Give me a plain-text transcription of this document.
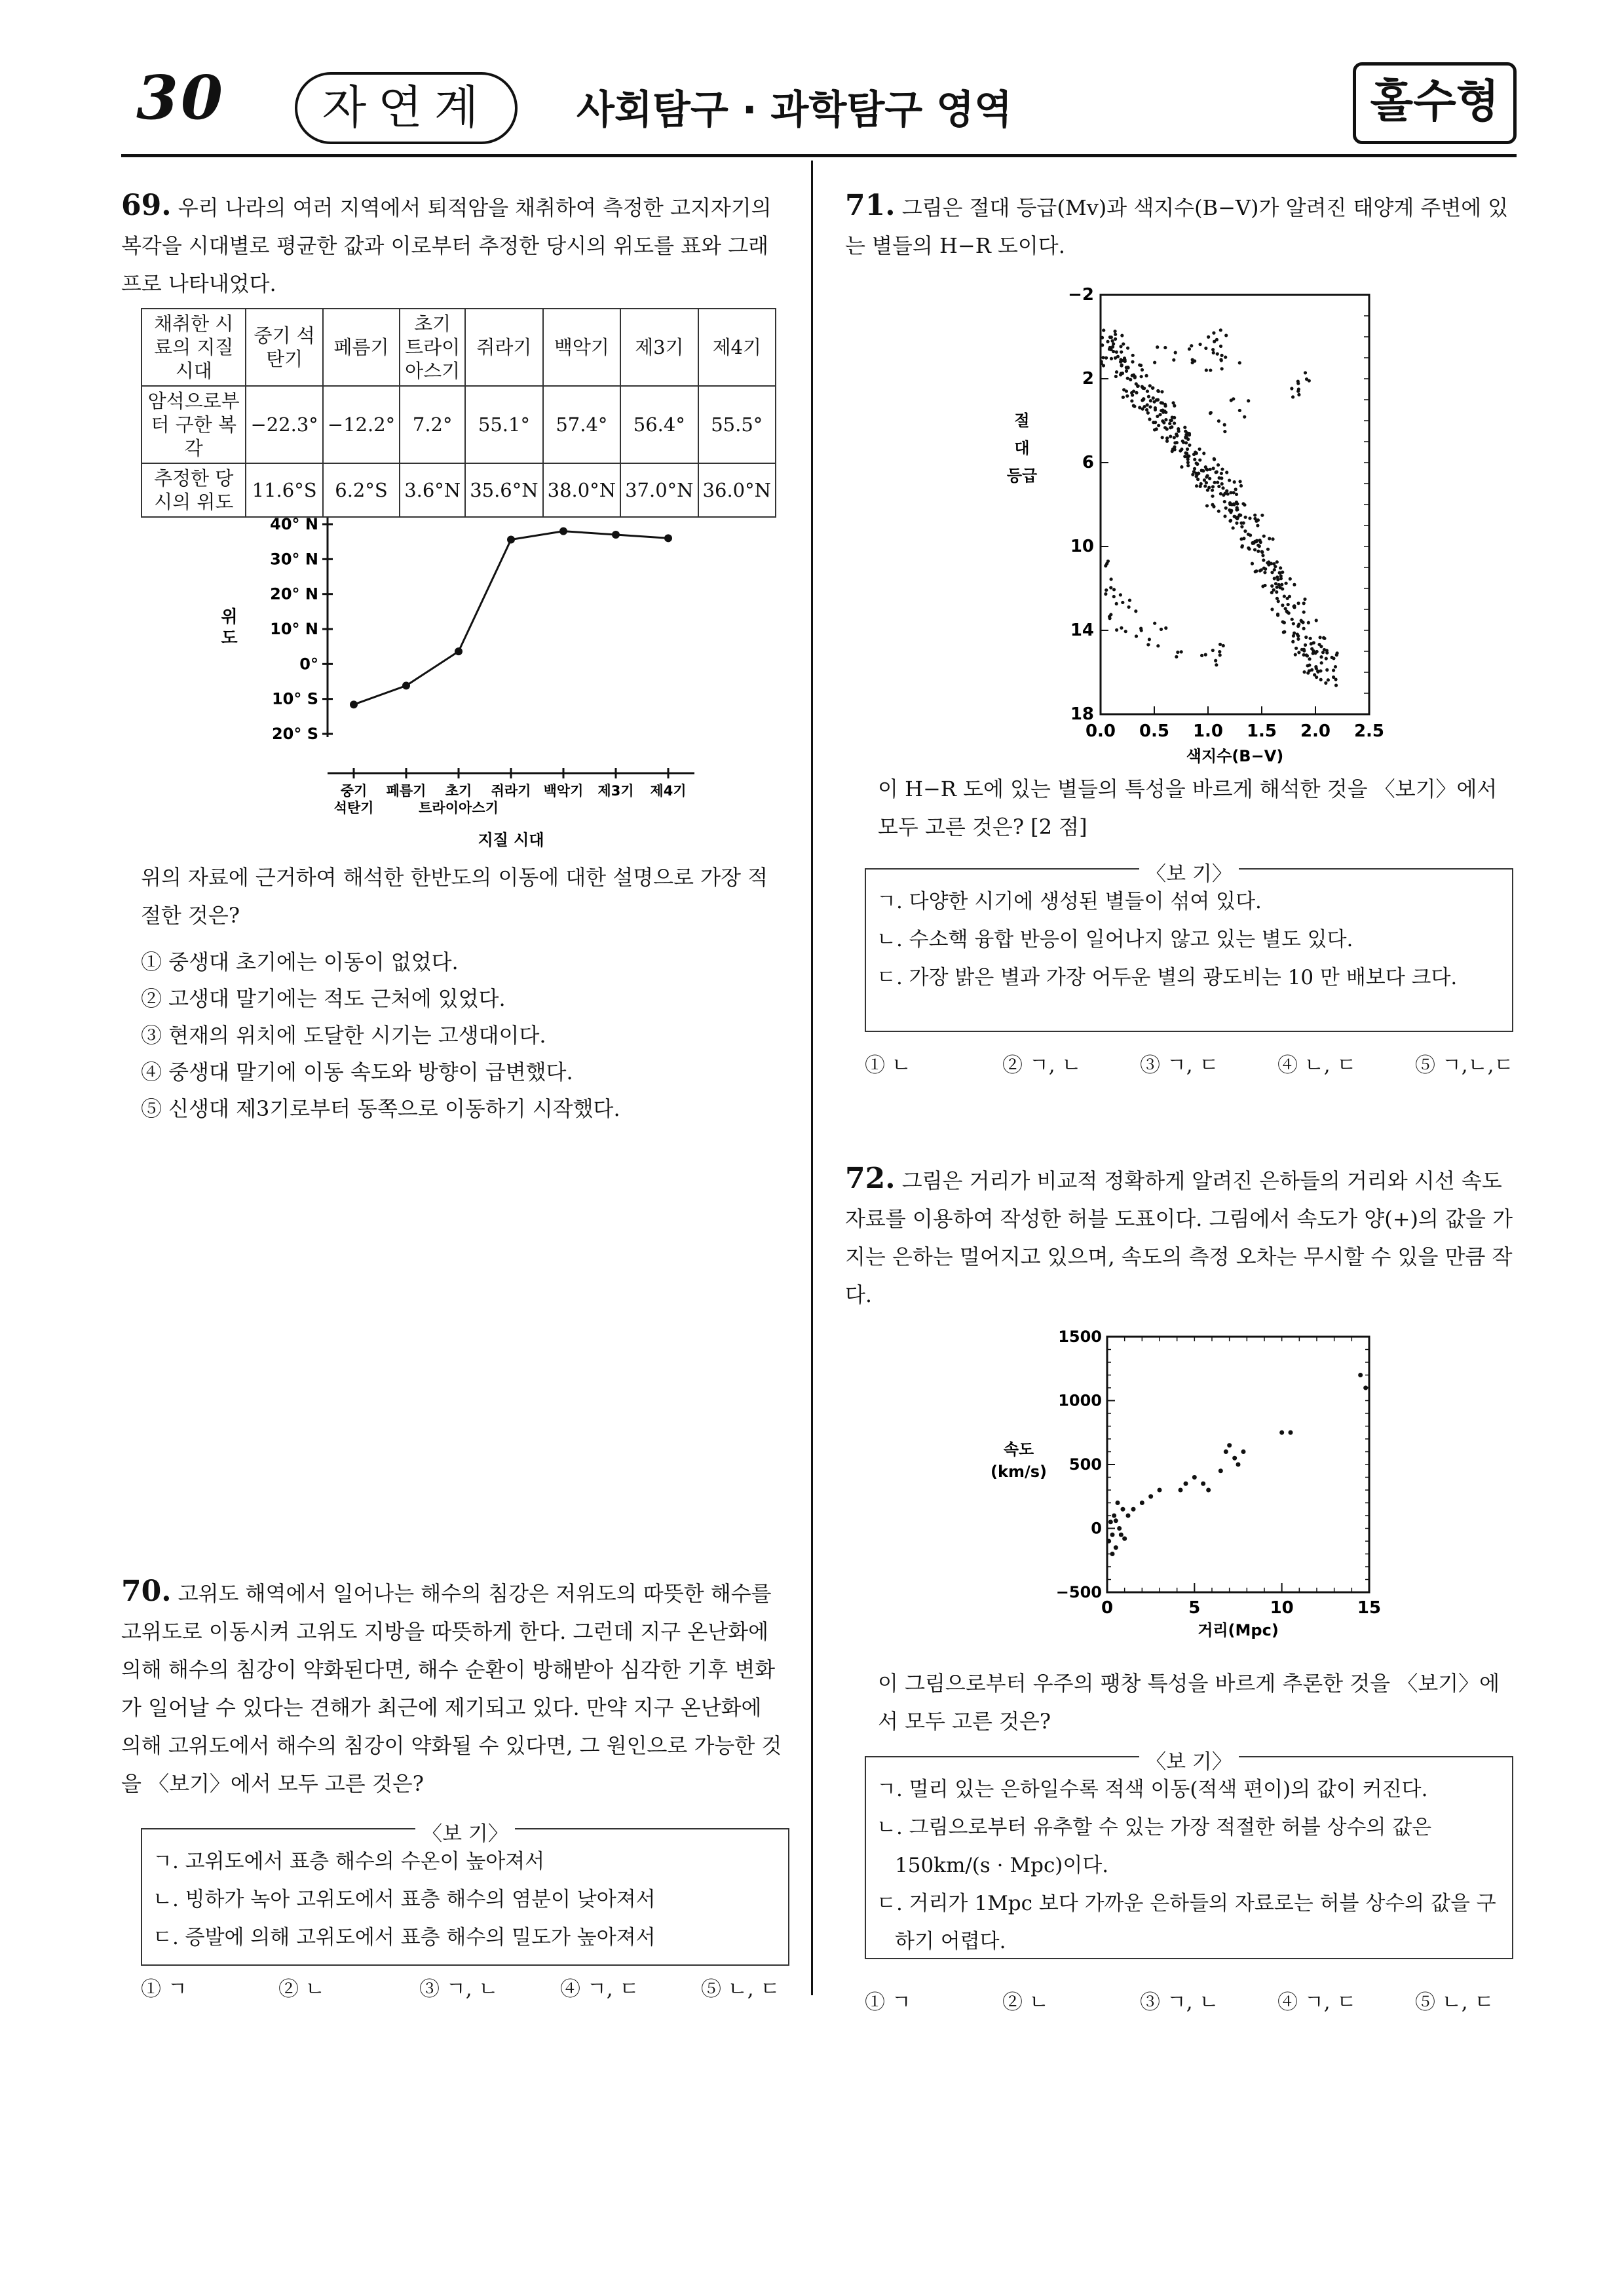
30	자연계	사회탐구 · 과학탐구 영역	홀수형

69. 우리 나라의 여러 지역에서 퇴적암을 채취하여 측정한 고지자기의 복각을 시대별로 평균한 값과 이로부터 추정한 당시의 위도를 표와 그래프로 나타내었다.

채취한 시료의 지질 시대	중기 석탄기	페름기	초기 트라이아스기	쥐라기	백악기	제3기	제4기
암석으로부터 구한 복각	−22.3°	−12.2°	7.2°	55.1°	57.4°	56.4°	55.5°
추정한 당시의 위도	11.6°S	6.2°S	3.6°N	35.6°N	38.0°N	37.0°N	36.0°N
40° N
30° N
20° N
10° N
0°
10° S
20° S
위
도
중기 석탄기
페름기	초기 트라이아스기
쥐라기 백악기 제3기 제4기
지질 시대

위의 자료에 근거하여 해석한 한반도의 이동에 대한 설명으로 가장 적절한 것은?

① 중생대 초기에는 이동이 없었다.

② 고생대 말기에는 적도 근처에 있었다.

③ 현재의 위치에 도달한 시기는 고생대이다.

④ 중생대 말기에 이동 속도와 방향이 급변했다.

⑤ 신생대 제3기로부터 동쪽으로 이동하기 시작했다.

70. 고위도 해역에서 일어나는 해수의 침강은 저위도의 따뜻한 해수를 고위도로 이동시켜 고위도 지방을 따뜻하게 한다. 그런데 지구 온난화에 의해 해수의 침강이 약화된다면, 해수 순환이 방해받아 심각한 기후 변화가 일어날 수 있다는 견해가 최근에 제기되고 있다. 만약 지구 온난화에 의해 고위도에서 해수의 침강이 약화될 수 있다면, 그 원인으로 가능한 것을 〈보기〉에서 모두 고른 것은?

〈보 기〉
ㄱ. 고위도에서 표층 해수의 수온이 높아져서
ㄴ. 빙하가 녹아 고위도에서 표층 해수의 염분이 낮아져서
ㄷ. 증발에 의해 고위도에서 표층 해수의 밀도가 높아져서
① ㄱ	② ㄴ	③ ㄱ, ㄴ	④ ㄱ, ㄷ	⑤ ㄴ, ㄷ

71. 그림은 절대 등급(Mv)과 색지수(B−V)가 알려진 태양계 주변에 있는 별들의 H−R 도이다.

−2
2
6
10
14
18
0.0 0.5 1.0 1.5 2.0 2.5
색지수(B−V)
절
대
등급

이 H−R 도에 있는 별들의 특성을 바르게 해석한 것을 〈보기〉에서 모두 고른 것은? [2 점]

〈보 기〉
ㄱ. 다양한 시기에 생성된 별들이 섞여 있다.
ㄴ. 수소핵 융합 반응이 일어나지 않고 있는 별도 있다.
ㄷ. 가장 밝은 별과 가장 어두운 별의 광도비는 10 만 배보다 크다.
① ㄴ	② ㄱ, ㄴ	③ ㄱ, ㄷ	④ ㄴ, ㄷ	⑤ ㄱ,ㄴ,ㄷ

72. 그림은 거리가 비교적 정확하게 알려진 은하들의 거리와 시선 속도 자료를 이용하여 작성한 허블 도표이다. 그림에서 속도가 양(+)의 값을 가지는 은하는 멀어지고 있으며, 속도의 측정 오차는 무시할 수 있을 만큼 작다.

1500
1000
500
0
−500
0	5	10	15
거리(Mpc)
속도
(km/s)

이 그림으로부터 우주의 팽창 특성을 바르게 추론한 것을 〈보기〉에서 모두 고른 것은?

〈보 기〉
ㄱ. 멀리 있는 은하일수록 적색 이동(적색 편이)의 값이 커진다.
ㄴ. 그림으로부터 유추할 수 있는 가장 적절한 허블 상수의 값은 150km/(s · Mpc)이다.
ㄷ. 거리가 1Mpc 보다 가까운 은하들의 자료로는 허블 상수의 값을 구하기 어렵다.
① ㄱ	② ㄴ	③ ㄱ, ㄴ	④ ㄱ, ㄷ	⑤ ㄴ, ㄷ
